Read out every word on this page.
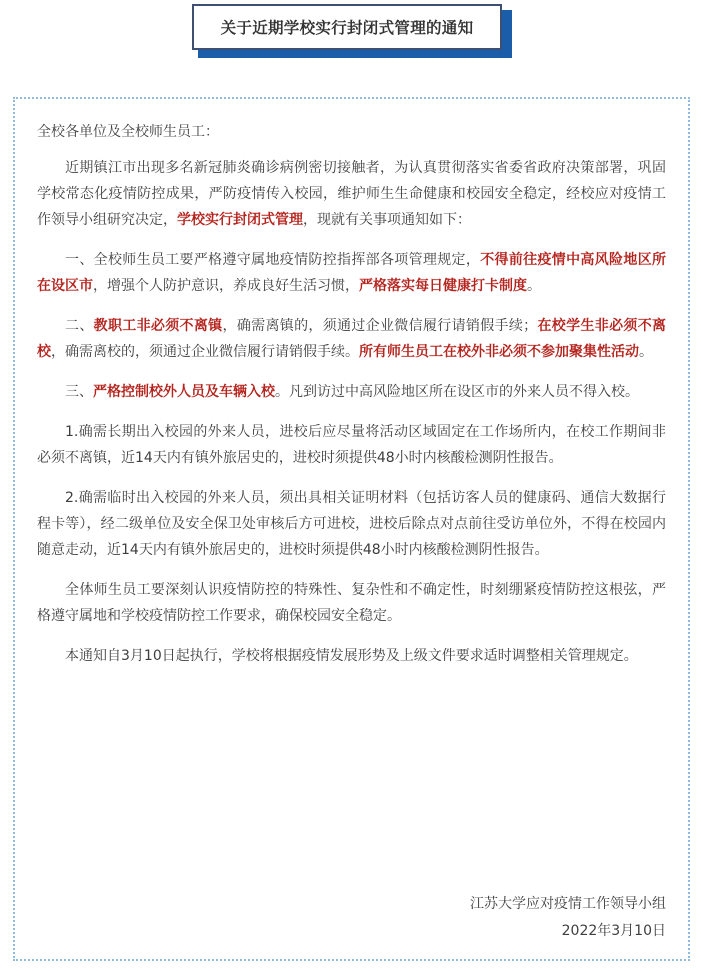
关于近期学校实行封闭式管理的通知

全校各单位及全校师生员工：

近期镇江市出现多名新冠肺炎确诊病例密切接触者，为认真贯彻落实省委省政府决策部署，巩固学校常态化疫情防控成果，严防疫情传入校园，维护师生生命健康和校园安全稳定，经校应对疫情工作领导小组研究决定，学校实行封闭式管理，现就有关事项通知如下：

一、全校师生员工要严格遵守属地疫情防控指挥部各项管理规定，不得前往疫情中高风险地区所在设区市，增强个人防护意识，养成良好生活习惯，严格落实每日健康打卡制度。

二、教职工非必须不离镇，确需离镇的，须通过企业微信履行请销假手续；在校学生非必须不离校，确需离校的，须通过企业微信履行请销假手续。所有师生员工在校外非必须不参加聚集性活动。

三、严格控制校外人员及车辆入校。凡到访过中高风险地区所在设区市的外来人员不得入校。

1.确需长期出入校园的外来人员，进校后应尽量将活动区域固定在工作场所内，在校工作期间非必须不离镇，近14天内有镇外旅居史的，进校时须提供48小时内核酸检测阴性报告。

2.确需临时出入校园的外来人员，须出具相关证明材料（包括访客人员的健康码、通信大数据行程卡等），经二级单位及安全保卫处审核后方可进校，进校后除点对点前往受访单位外，不得在校园内随意走动，近14天内有镇外旅居史的，进校时须提供48小时内核酸检测阴性报告。

全体师生员工要深刻认识疫情防控的特殊性、复杂性和不确定性，时刻绷紧疫情防控这根弦，严格遵守属地和学校疫情防控工作要求，确保校园安全稳定。

本通知自3月10日起执行，学校将根据疫情发展形势及上级文件要求适时调整相关管理规定。

江苏大学应对疫情工作领导小组
2022年3月10日
